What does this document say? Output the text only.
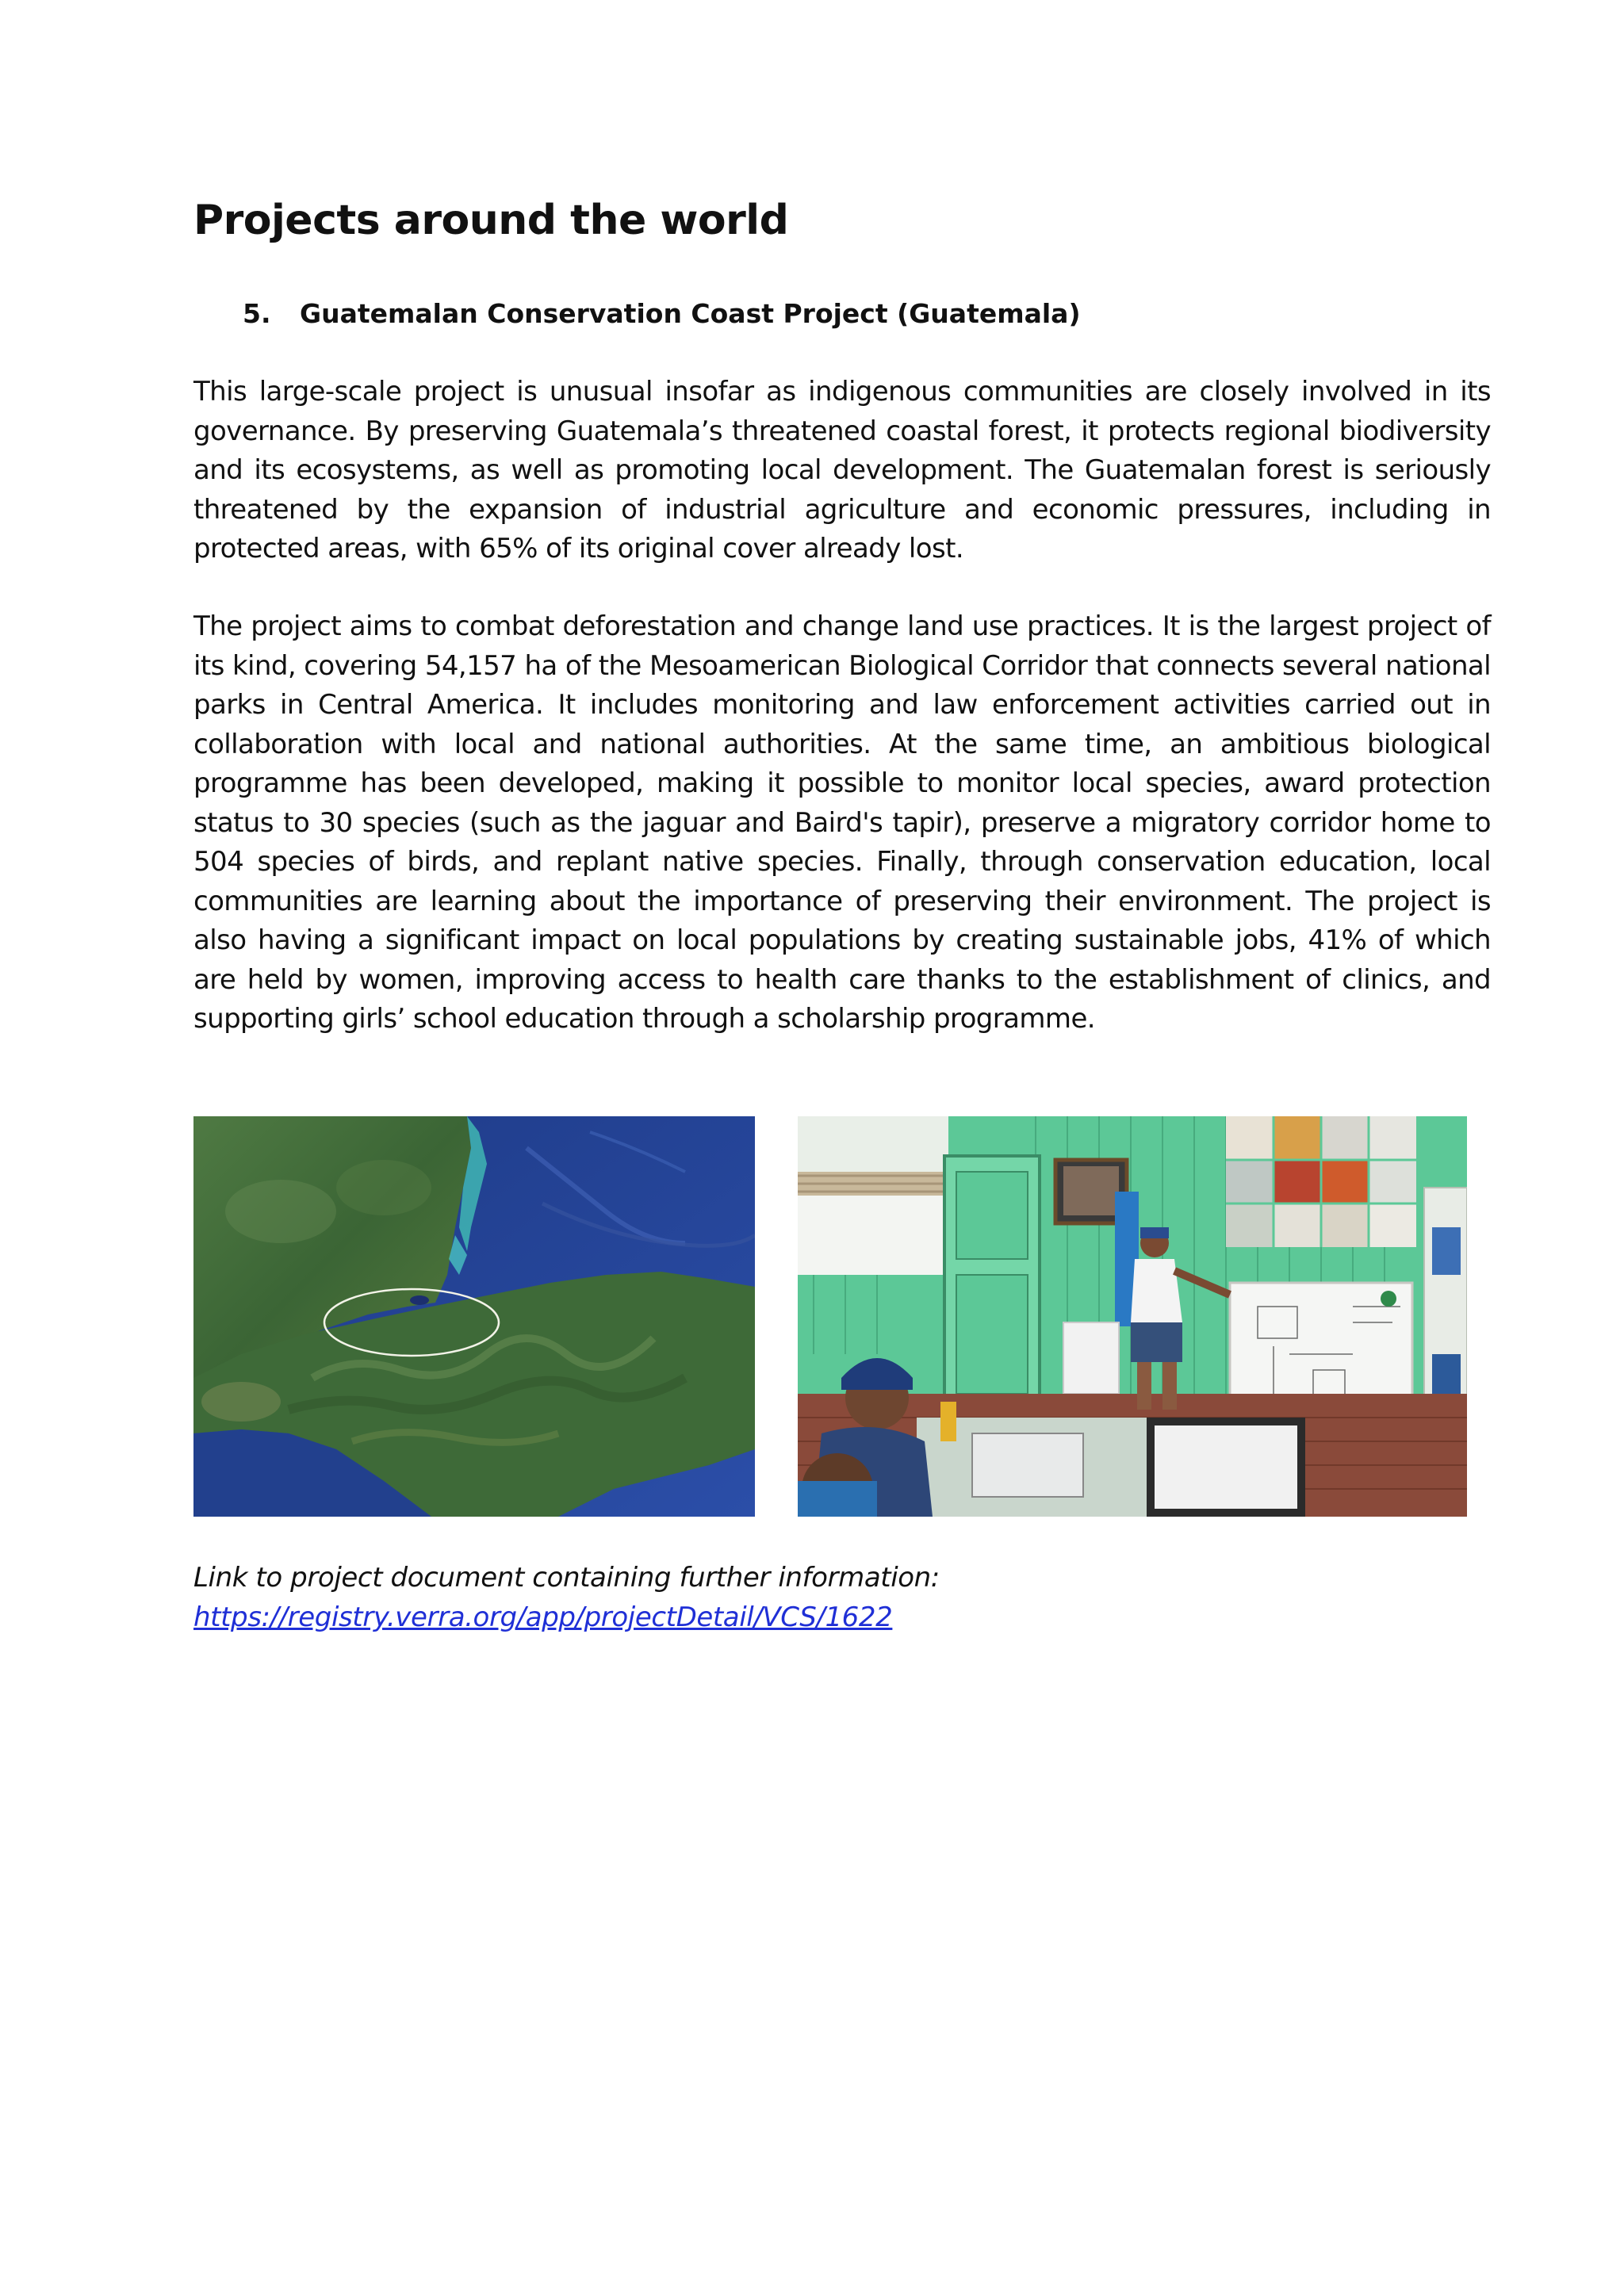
Projects around the world
5. Guatemalan Conservation Coast Project (Guatemala)

This large-scale project is unusual insofar as indigenous communities are closely involved in its governance. By preserving Guatemala’s threatened coastal forest, it protects regional biodiversity and its ecosystems, as well as promoting local development. The Guatemalan forest is seriously threatened by the expansion of industrial agriculture and economic pressures, including in protected areas, with 65% of its original cover already lost.

The project aims to combat deforestation and change land use practices. It is the largest project of its kind, covering 54,157 ha of the Mesoamerican Biological Corridor that connects several national parks in Central America. It includes monitoring and law enforcement activities carried out in collaboration with local and national authorities. At the same time, an ambitious biological programme has been developed, making it possible to monitor local species, award protection status to 30 species (such as the jaguar and Baird's tapir), preserve a migratory corridor home to 504 species of birds, and replant native species. Finally, through conservation education, local communities are learning about the importance of preserving their environment. The project is also having a significant impact on local populations by creating sustainable jobs, 41% of which are held by women, improving access to health care thanks to the establishment of clinics, and supporting girls’ school education through a scholarship programme.

Link to project document containing further information:

https://registry.verra.org/app/projectDetail/VCS/1622
